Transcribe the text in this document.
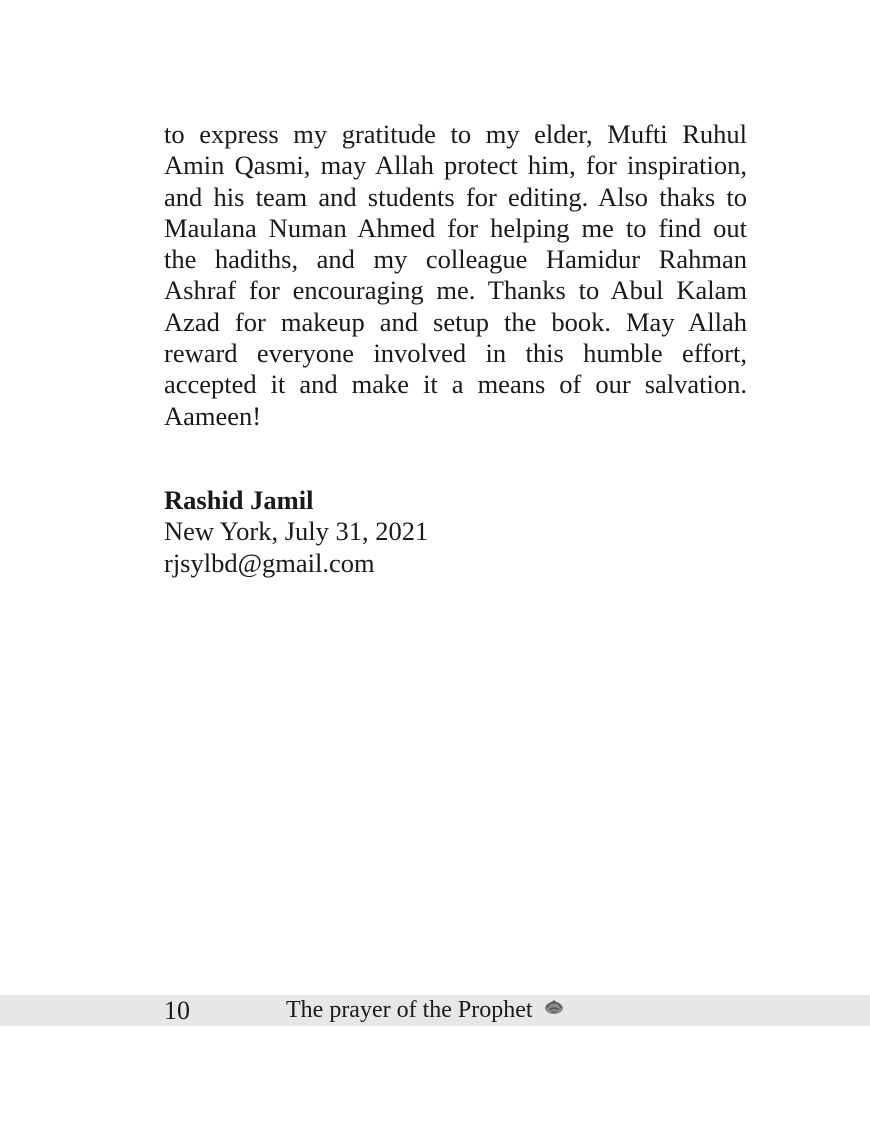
to express my gratitude to my elder, Mufti Ruhul
Amin Qasmi, may Allah protect him, for inspiration,
and his team and students for editing. Also thaks to
Maulana Numan Ahmed for helping me to find out
the hadiths, and my colleague Hamidur Rahman
Ashraf for encouraging me. Thanks to Abul Kalam
Azad for makeup and setup the book. May Allah
reward everyone involved in this humble effort,
accepted it and make it a means of our salvation.
Aameen!
Rashid Jamil
New York, July 31, 2021
rjsylbd@gmail.com
10	The prayer of the Prophet
